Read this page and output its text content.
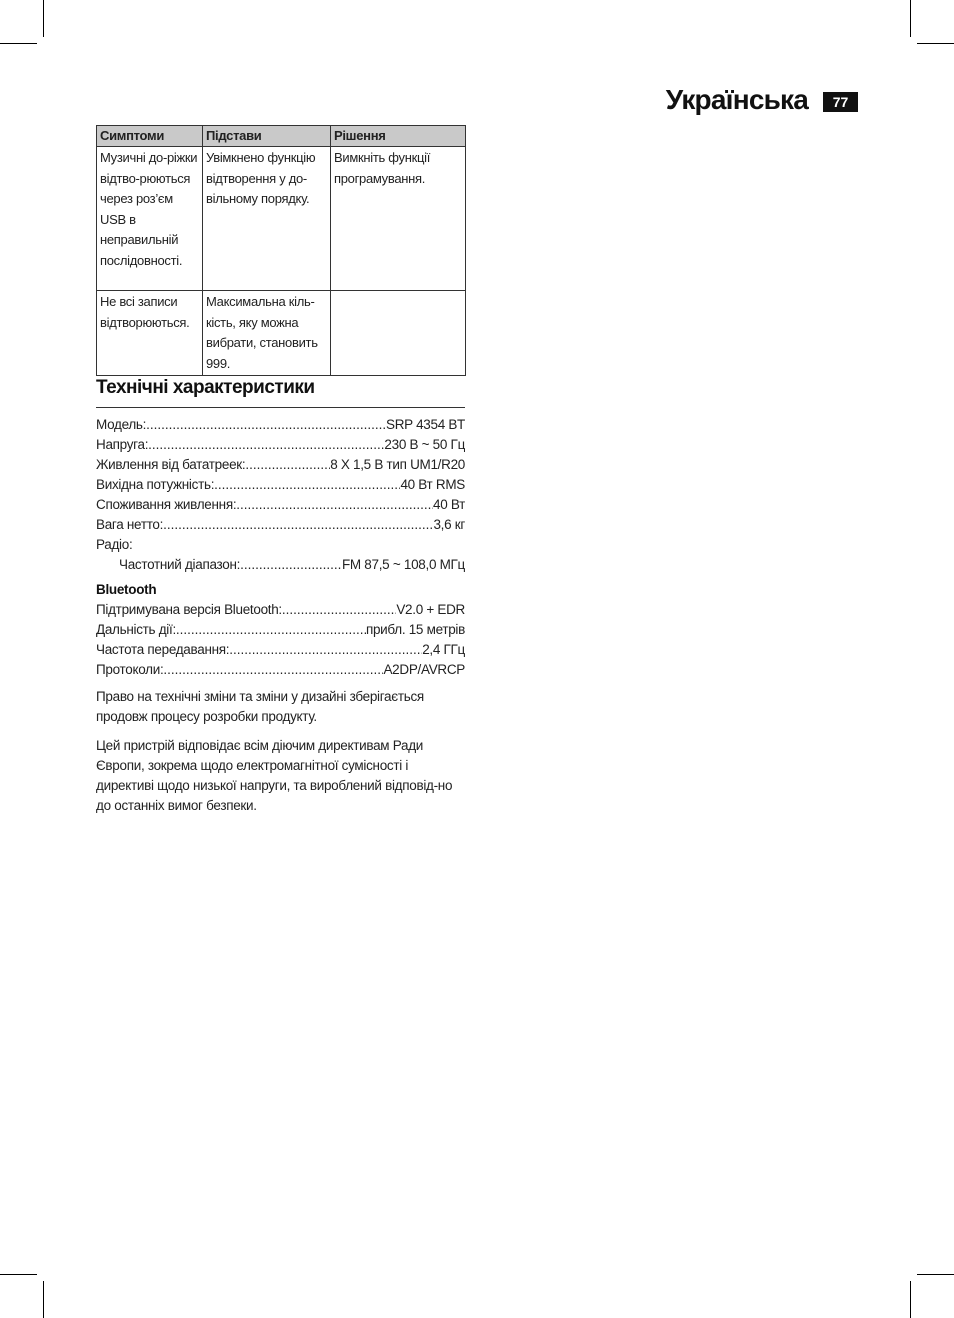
Українська	77
Симптоми	Підстави	Рішення
Музичні до-ріжки відтво-рюються через роз’єм USB в неправильній послідовності.	Увімкнено функцію відтворення у до-вільному порядку.	Вимкніть функції програмування.
Не всі записи відтворюються.	Максимальна кіль-кість, яку можна вибрати, становить 999.	
Технічні характеристики
Модель: .....	SRP 4354 BT
Напруга: .....	230 В ~ 50 Гц
Живлення від бататреек: .....	8 X 1,5 В тип UM1/R20
Вихідна потужність: .....	40 Вт RMS
Споживання живлення: .....	40 Вт
Вага нетто: .....	3,6 кг
Радіо:
Частотний діапазон: .....	FM 87,5 ~ 108,0 МГц
Bluetooth
Підтримувана версія Bluetooth: .....	V2.0 + EDR
Дальність дії: .....	прибл. 15 метрів
Частота передавання: .....	2,4 ГГц
Протоколи: .....	A2DP/AVRCP

Право на технічні зміни та зміни у дизайні зберігається продовж процесу розробки продукту.

Цей пристрій відповідає всім діючим директивам Ради Європи, зокрема щодо електромагнітної сумісності і директиві щодо низької напруги, та вироблений відповід-но до останніх вимог безпеки.
